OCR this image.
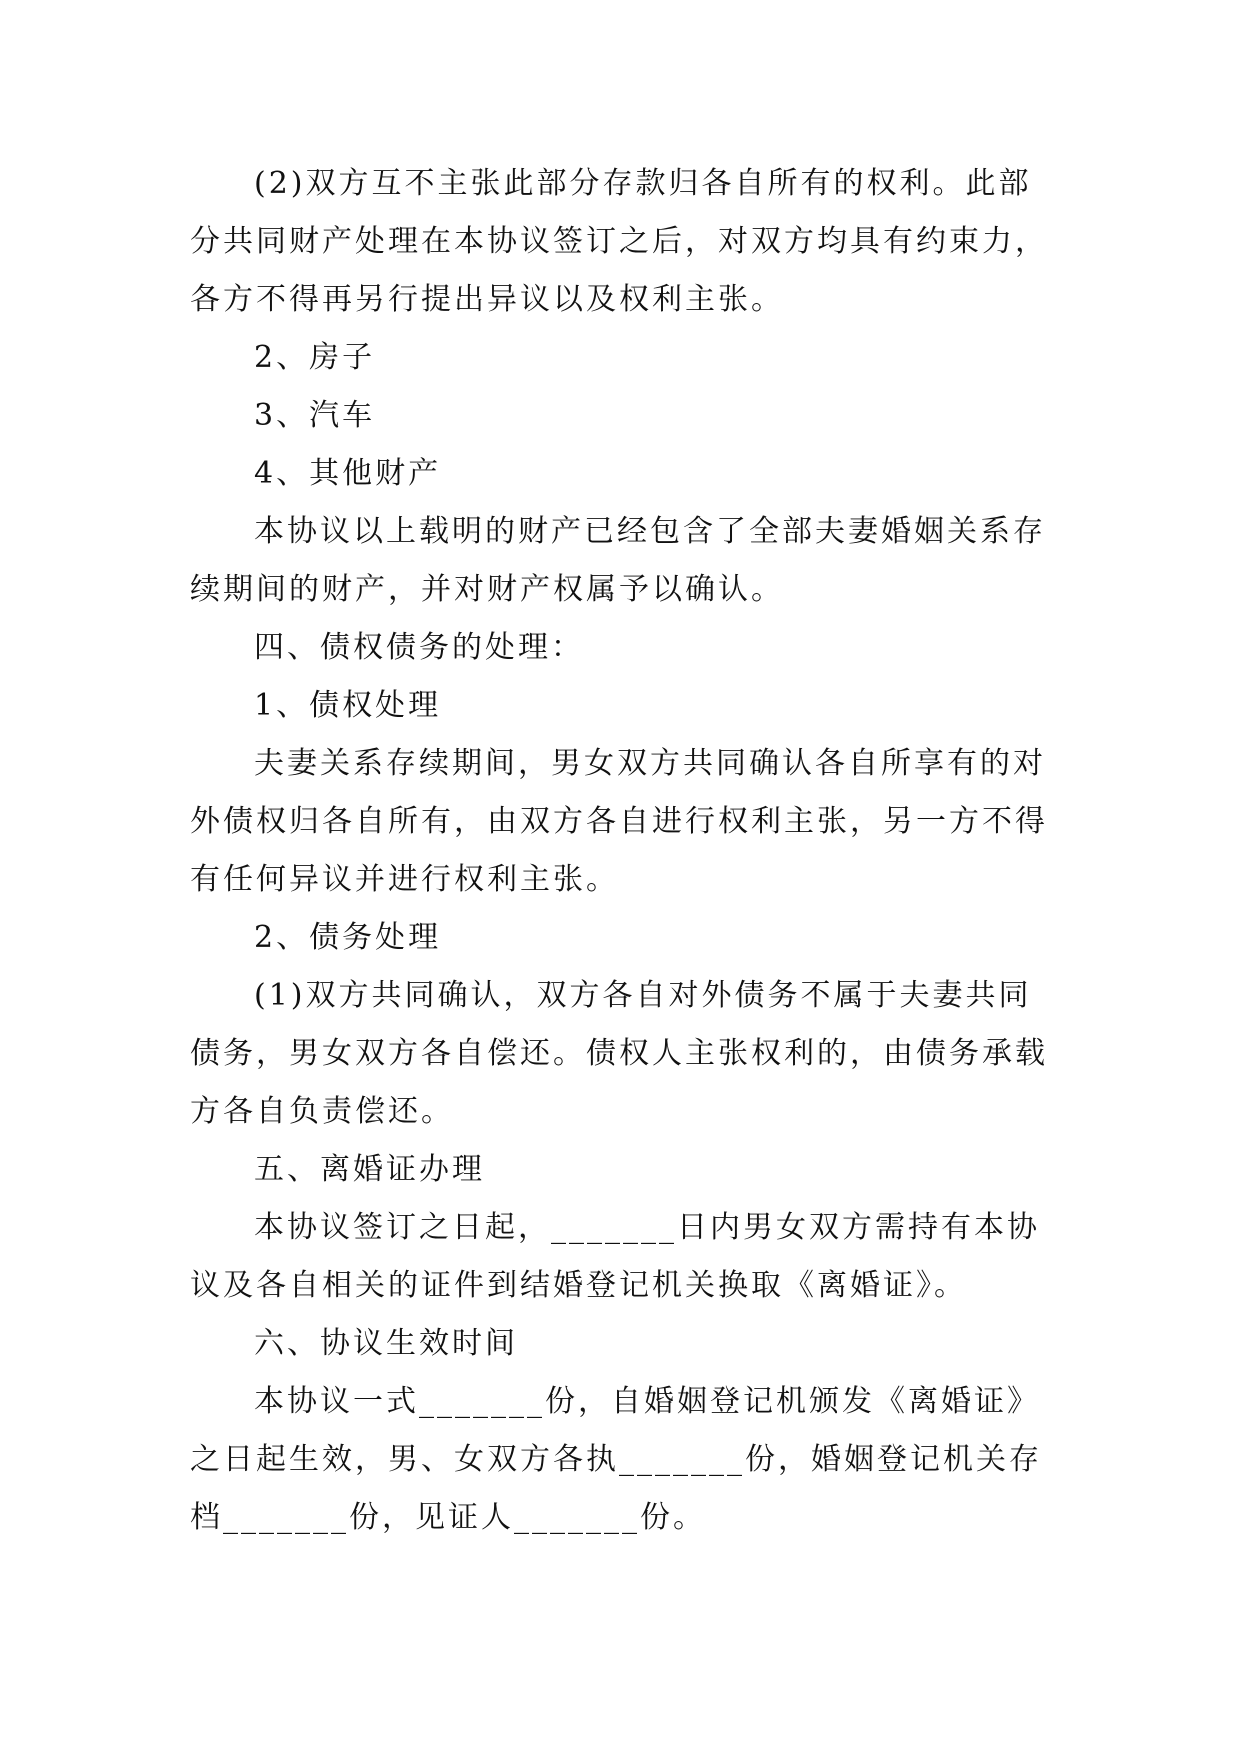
(2)双方互不主张此部分存款归各自所有的权利。此部分共同财产处理在本协议签订之后，对双方均具有约束力，各方不得再另行提出异议以及权利主张。

2、房子

3、汽车

4、其他财产

本协议以上载明的财产已经包含了全部夫妻婚姻关系存续期间的财产，并对财产权属予以确认。

四、债权债务的处理：

1、债权处理

夫妻关系存续期间，男女双方共同确认各自所享有的对外债权归各自所有，由双方各自进行权利主张，另一方不得有任何异议并进行权利主张。

2、债务处理

(1)双方共同确认，双方各自对外债务不属于夫妻共同债务，男女双方各自偿还。债权人主张权利的，由债务承载方各自负责偿还。

五、离婚证办理

本协议签订之日起，_______日内男女双方需持有本协议及各自相关的证件到结婚登记机关换取《离婚证》。

六、协议生效时间

本协议一式_______份，自婚姻登记机颁发《离婚证》之日起生效，男、女双方各执_______份，婚姻登记机关存档_______份，见证人_______份。
